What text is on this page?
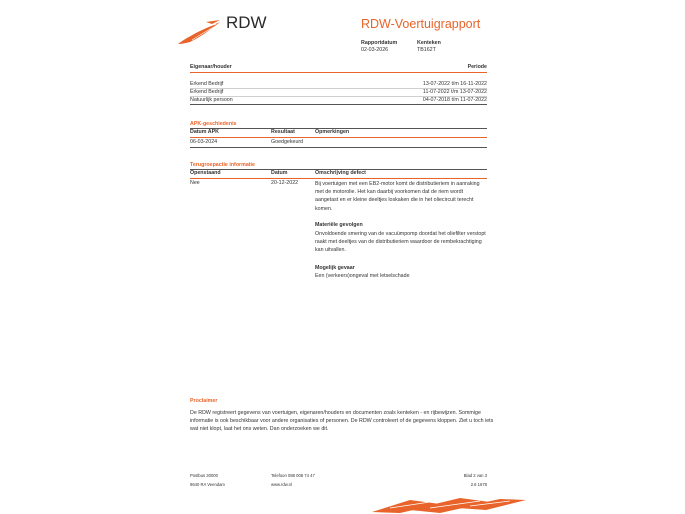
RDW	RDW-Voertuigrapport
Rapportdatum
02-03-2026
Kenteken
TB162T
Eigenaar/houder	Periode
Erkend Bedrijf	13-07-2022 t/m 16-11-2022
Erkend Bedrijf	11-07-2022 t/m 13-07-2022
Natuurlijk persoon	04-07-2018 t/m 11-07-2022
APK-geschiedenis
Datum APK	Resultaat	Opmerkingen
06-03-2024	Goedgekeurd
Terugroepactie informatie
Openstaand	Datum	Omschrijving defect
Nee	20-12-2022	Bij voertuigen met een EB2-motor komt de distributieriem in aanraking met de motorolie. Het kan daarbij voorkomen dat de riem wordt aangetast en er kleine deeltjes loskaken die in het oliecircuit terecht komen.
Materiële gevolgen
Onvoldoende smering van de vacuümpomp doordat het oliefilter verstopt raakt met deeltjes van de distributieriem waardoor de rembekrachtiging kan uitvallen.
Mogelijk gevaar
Een (verkeers)ongeval met letselschade
Proclaimer
De RDW registreert gegevens van voertuigen, eigenaren/houders en documenten zoals kenteken - en rijbewijzen. Sommige informatie is ook beschikbaar voor andere organisaties of personen. De RDW controleert of de gegevens kloppen. Ziet u toch iets wat niet klopt, laat het ons weten. Dan onderzoeken we dit.
Postbus 30000
9640 RA Veendam
Telefoon 088 008 74 47
www.rdw.nl
Blad 2 van 3
2.6 1678
